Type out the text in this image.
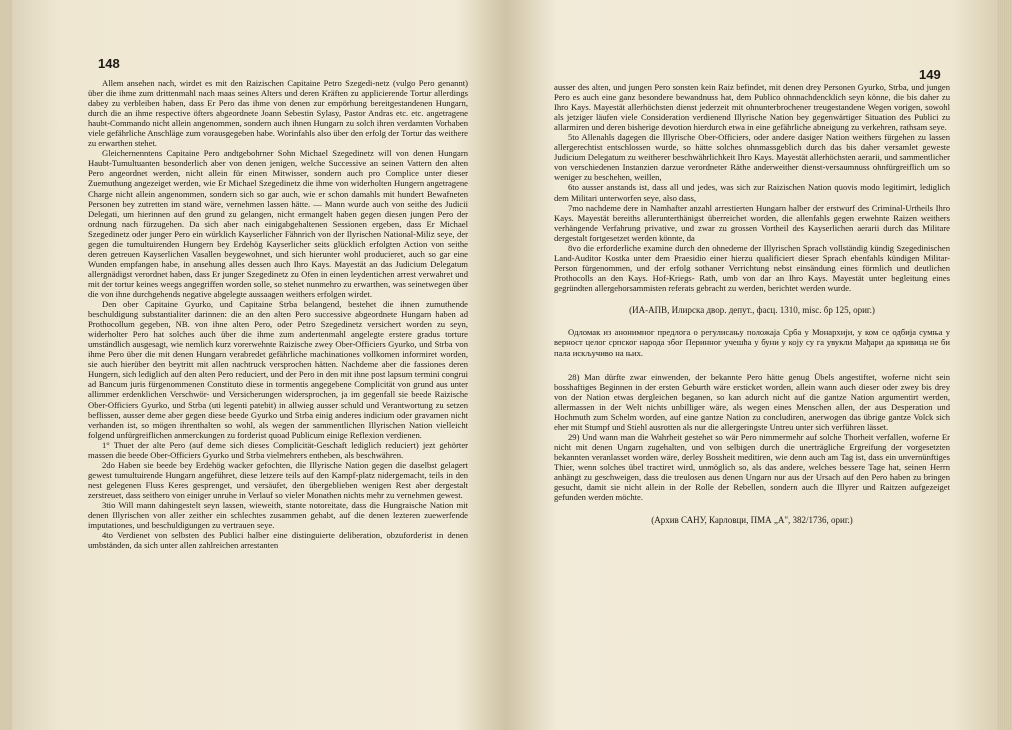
148

Allem ansehen nach, wirdet es mit den Raizischen Capitaine Petro Szegedi-netz (vulgo Pero genannt) über die ihme zum drittenmahl nach maas seines Alters und deren Kräften zu applicierende Tortur allerdings dabey zu verbleiben haben, dass Er Pero das ihme von denen zur empörhung bereitgestandenen Hungarn, durch die an ihme respective öfters abgeordnete Joann Sebestin Sylasy, Pastor Andras etc. etc. angetragene haubt-Commando nicht allein angenommen, sondern auch ihnen Hungarn zu solch ihren verdamten Vorhaben viele gefährliche Anschläge zum vorausgegeben habe. Worinfahls also über den erfolg der Tortur das weithere zu erwarthen stehet.

Gleichernenntens Capitaine Pero andtgebohrner Sohn Michael Szegedinetz will von denen Hungarn Haubt-Tumultuanten besonderlich aber von denen jenigen, welche Successive an seinen Vattern den alten Pero angeordnet werden, nicht allein für einen Mitwisser, sondern auch pro Complice unter dieser Zuemuthung angezeiget werden, wie Er Michael Szegedinetz die ihme von widerholten Hungern angetragene Charge nicht allein angenommen, sondern sich so gar auch, wie er schon damahls mit hundert Bewafneten Personen bey zutretten im stand wäre, vernehmen lassen hätte. — Mann wurde auch von seithe des Judicii Delegati, um hierinnen auf den grund zu gelangen, nicht ermangelt haben gegen diesen jungen Pero der ordnung nach fürzugehen. Da sich aber nach einigabgehaltenen Sessionen ergeben, dass Er Michael Szegedinetz oder junger Pero ein würklich Kayserlicher Fähnrich von der Ilyrischen National-Miliz seye, der gegen die tumultuirenden Hungern bey Erdehög Kayserlicher seits glücklich erfolgten Action von seithe deren getreuen Kayserlichen Vasallen beygewohnet, und sich hierunter wohl producieret, auch so gar eine Wunden empfangen habe, in ansehung alles dessen auch Ihro Kays. Mayestät an das Judicium Delegatum allergnädigst verordnet haben, dass Er junger Szegedinetz zu Ofen in einen leydentichen arrest verwahret und mit der tortur keines weegs angegriffen worden solle, so stehet nunmehro zu erwarthen, was seinetwegen über die von ihne durchgehends negative abgelegte aussaagen weithers erfolgen wirdet.

Den ober Capitaine Gyurko, und Capitaine Strba belangend, bestehet die ihnen zumuthende beschuldigung substantialiter darinnen: die an den alten Pero successive abgeordnete Hungarn haben ad Prothocollum gegeben, NB. von ihne alten Pero, oder Petro Szegedinetz versichert worden zu seyn, widerholter Pero hat solches auch über die ihme zum andertenmahl angelegte erstere gradus torture umständlich ausgesagt, wie nemlich kurz vorerwehnte Raizische zwey Ober-Officiers Gyurko, und Strba von ihme Pero über die mit denen Hungarn verabredet gefährliche machinationes vollkomen informiret worden, sie auch hierüber den beytritt mit allen nachtruck versprochen hätten. Nachdeme aber die fassiones deren Hungern, sich lediglich auf den alten Pero reduciert, und der Pero in den mit ihne post lapsum termini congrui ad Bancum juris fürgenommenen Constituto diese in tormentis angegebene Complicität von grund aus unter allimmer erdenklichen Verschwör- und Versicherungen widersprochen, ja im gegenfall sie beede Raizische Ober-Officiers Gyurko, und Strba (uti legenti patebit) in allwieg ausser schuld und Verantwortung zu setzen beflissen, ausser deme aber gegen diese beede Gyurko und Strba einig anderes indicium oder gravamen nicht verhanden ist, so mögen ihrenthalten so wohl, als wegen der sammentlichen Illyrischen Nation vielleicht folgend unfürgreiflichen anmerckungen zu forderist quoad Publicum einige Reflexion verdienen.

1° Thuet der alte Pero (auf deme sich dieses Complicität-Geschaft lediglich reduciert) jezt gehörter massen die beede Ober-Officiers Gyurko und Strba vielmehrers entheben, als beschwähren.

2do Haben sie beede bey Erdehög wacker gefochten, die Illyrische Nation gegen die daselbst gelagert gewest tumultuirende Hungarn angeführet, diese letzere teils auf den Kampf-platz nidergemacht, teils in den nest gelegenen Fluss Keres gesprenget, und versäufet, den übergeblieben wenigen Rest aber dergestalt zerstreuet, dass seithero von einiger unruhe in Verlauf so vieler Monathen nichts mehr zu vernehmen gewest.

3tio Will mann dahingestelt seyn lassen, wieweith, stante notoreitate, dass die Hungraische Nation mit denen Illyrischen von aller zeither ein schlechtes zusammen gehabt, auf die denen lezteren zuewerfende imputationes, und beschuldigungen zu vertrauen seye.

4to Verdienet von selbsten des Publici halber eine distinguierte deliberation, obzuforderist in denen umbständen, da sich unter allen zahlreichen arrestanten

149

ausser des alten, und jungen Pero sonsten kein Raiz befindet, mit denen drey Personen Gyurko, Strba, und jungen Pero es auch eine ganz besondere bewandnuss hat, dem Publico ohnnachdencklich seyn könne, die bis daher zu Ihro Kays. Mayestät allerhöchsten dienst jederzeit mit ohnunterbrochener treugestandene Wegen vorigen, sowohl als jetziger läufen viele Consideration verdienend Illyrische Nation bey gegenwärtiger Situation des Publici zu allarmiren und deren bisherige devotion hierdurch etwa in eine gefährliche abneigung zu verkehren, rathsam seye.

5to Allenahls dagegen die Illyrische Ober-Officiers, oder andere dasiger Nation weithers fürgehen zu lassen allergerechtist entschlossen wurde, so hätte solches ohnmassgeblich durch das bis daher versamlet gewestе Judicium Delegatum zu weitherer beschwährlichkeit Ihro Kays. Mayestät allerhöchsten aerarii, und sammentlicher von verschiedenen Instanzien darzue verordneter Räthe anderweither dienst-versaumnuss ohnfürgreiflich um so weniger zu beschehen, weillen,

6to ausser anstands ist, dass all und jedes, was sich zur Raizischen Nation quovis modo legitimirt, lediglich dem Militari unterworfen seye, also dass,

7mo nachdeme dere in Namhafter anzahl arrestierten Hungarn halber der erstwurf des Criminal-Urtheils Ihro Kays. Mayestät bereiths allerunterthänigst überreichet worden, die allenfahls gegen erwehnte Raizen weithers verhängende Verfahrung privative, und zwar zu grossen Vortheil des Kayserlichen aerarii durch das Militare dergestalt fortgesetzet werden könnte, da

8vo die erforderliche examine durch den ohnedeme der Illyrischen Sprach vollständig kündig Szegedinischen Land-Auditor Kostka unter dem Praesidio einer hierzu qualificiert dieser Sprach ebenfahls kündigen Militar-Person fürgenommen, und der erfolg sothaner Verrichtung nebst einsändung eines förmlich und deutlichen Prothocolls an den Kays. Hof-Kriegs- Rath, umb von dar an Ihro Kays. Mayestät unter begleitung eines gegründten allergehorsammisten referats gebracht zu werden, berichtet werden wurde.

(ИА-АПВ, Илирска двор. депут., фасц. 1310, misc. бр 125, ориг.)
Одломак из анонимног предлога о регулисању положаја Срба у Монархији, у ком се одбија сумња у верност целог српског народа због Перинног учешћа у буни у коју су га увукли Мађари да кривица не би пала искључиво на њих.

28) Man dürfte zwar einwenden, der bekannte Pero hätte genug Übels angestiftet, woferne nicht sein bosshaftiges Beginnen in der ersten Geburth wäre ersticket worden, allein wann auch dieser oder zwey bis drey von der Nation etwas dergleichen beganen, so kan adurch nicht auf die gantze Nation argumentirt werden, allermassen in der Welt nichts unbilliger wäre, als wegen eines Menschen allen, der aus Desperation und Hochmuth zum Schelm worden, auf eine gantze Nation zu concludiren, anerwogen das übrige gantze Volck sich eher mit Stumpf und Stiehl ausrotten als nur die allergeringste Untreu unter sich verführen lässet.

29) Und wann man die Wahrheit gestehet so wär Pero nimmermehr auf solche Thorheit verfallen, woferne Er nicht mit denen Ungarn zugehalten, und von selbigen durch die unerträgliche Ergreifung der vorgesetzten bekannten veranlasset worden wäre, derley Bossheit meditiren, wie denn auch am Tag ist, dass ein unvernünftiges Thier, wenn solches übel tractiret wird, unmöglich so, als das andere, welches bessere Tage hat, seinen Herrn anhängt zu geschweigen, dass die treulosen aus denen Ungarn nur aus der Ursach auf den Pero haben zu bringen gesucht, damit sie nicht allein in der Rolle der Rebellen, sondern auch die Illyrer und Raitzen aufgezeiget gefunden werden möchte.

(Архив САНУ, Карловци, ПМА „А", 382/1736, ориг.)
